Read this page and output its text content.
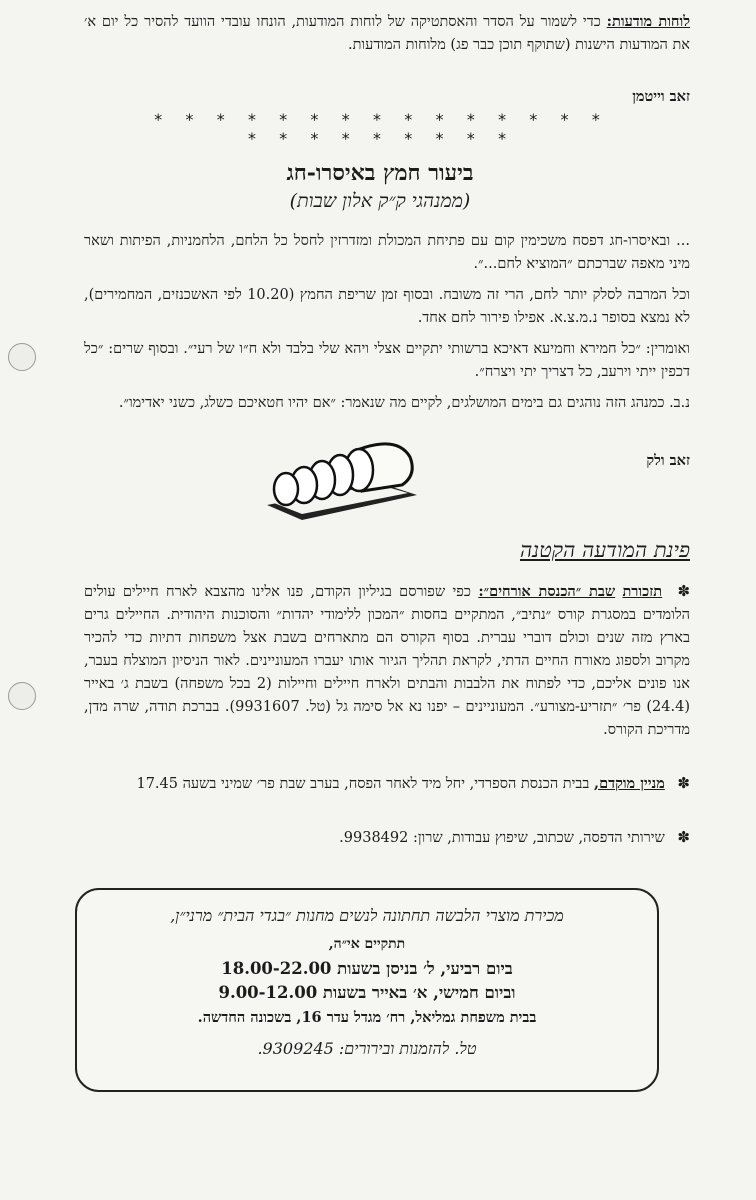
לוחות מודעות: כדי לשמור על הסדר והאסתטיקה של לוחות המודעות, הונחו עובדי הוועד להסיר כל יום א׳ את המודעות הישנות (שתוקף תוכן כבר פג) מלוחות המודעות.
זאב וייטמן
* * * * * * * * * * * * * * * * * * * * * * * *
ביעור חמץ באיסרו-חג
(ממנהגי ק״ק אלון שבות)
... ובאיסרו-חג דפסח משכימין קום עם פתיחת המכולת ומזדרזין לחסל כל הלחם, הלחמניות, הפיתות ושאר מיני מאפה שברכתם ״המוציא לחם...״.
וכל המרבה לסלק יותר לחם, הרי זה משובח. ובסוף זמן שריפת החמץ (10.20 לפי האשכנזים, המחמירים), לא נמצא בסופר נ.מ.צ.א. אפילו פירור לחם אחד.
ואומרין: ״כל חמירא וחמיעא דאיכא ברשותי יתקיים אצלי ויהא שלי בלבד ולא ח״ו של רעי״. ובסוף שרים: ״כל דכפין ייתי וירעב, כל דצריך יתי ויצרח״.
נ.ב. כמנהג הזה נוהגים גם בימים המושלגים, לקיים מה שנאמר: ״אם יהיו חטאיכם כשלג, כשני יאדימו״.
זאב ולק
פינת המודעה הקטנה
✽ תזכורת שבת ״הכנסת אורחים״: כפי שפורסם בגיליון הקודם, פנו אלינו מהצבא לארח חיילים עולים הלומדים במסגרת קורס ״נתיב״, המתקיים בחסות ״המכון ללימודי יהדות״ והסוכנות היהודית. החיילים גרים בארץ מזה שנים וכולם דוברי עברית. בסוף הקורס הם מתארחים בשבת אצל משפחות דתיות כדי להכיר מקרוב ולספוג מאורח החיים הדתי, לקראת תהליך הגיור אותו יעברו המעוניינים. לאור הניסיון המוצלח בעבר, אנו פונים אליכם, כדי לפתוח את הלבבות והבתים ולארח חיילים וחיילות (2 בכל משפחה) בשבת ג׳ באייר (24.4) פר׳ ״תזריע-מצורע״. המעוניינים – יפנו נא אל סימה גל (טל. 9931607). בברכת תודה, שרה מדן, מדריכת הקורס.
✽ מניין מוקדם, בבית הכנסת הספרדי, יחל מיד לאחר הפסח, בערב שבת פר׳ שמיני בשעה 17.45
✽ שירותי הדפסה, שכתוב, שיפוץ עבודות, שרון: 9938492.
מכירת מוצרי הלבשה תחתונה לנשים מחנות ״בגדי הבית״ מרני״ן,
תתקיים אי״ה,
ביום רביעי, ל׳ בניסן בשעות 18.00-22.00
וביום חמישי, א׳ באייר בשעות 9.00-12.00
בבית משפחת גמליאל, רח׳ מגדל עדר 16, בשכונה החדשה.
טל. להזמנות ובירורים: 9309245.
